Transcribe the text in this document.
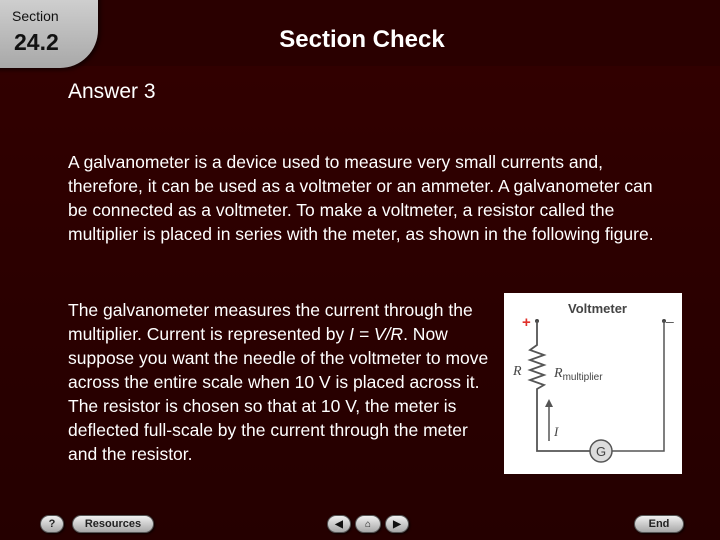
Section
24.2	Section Check
Answer 3
A galvanometer is a device used to measure very small currents and, therefore, it can be used as a voltmeter or an ammeter. A galvanometer can be connected as a voltmeter. To make a voltmeter, a resistor called the multiplier is placed in series with the meter, as shown in the following figure.
The galvanometer measures the current through the multiplier. Current is represented by I = V/R. Now suppose you want the needle of the voltmeter to move across the entire scale when 10 V is placed across it. The resistor is chosen so that at 10 V, the meter is deflected full-scale by the current through the meter and the resistor.
Voltmeter
+	–
I
R $R_{multiplier}$
G
?	Resources	◀	⌂	▶	End
